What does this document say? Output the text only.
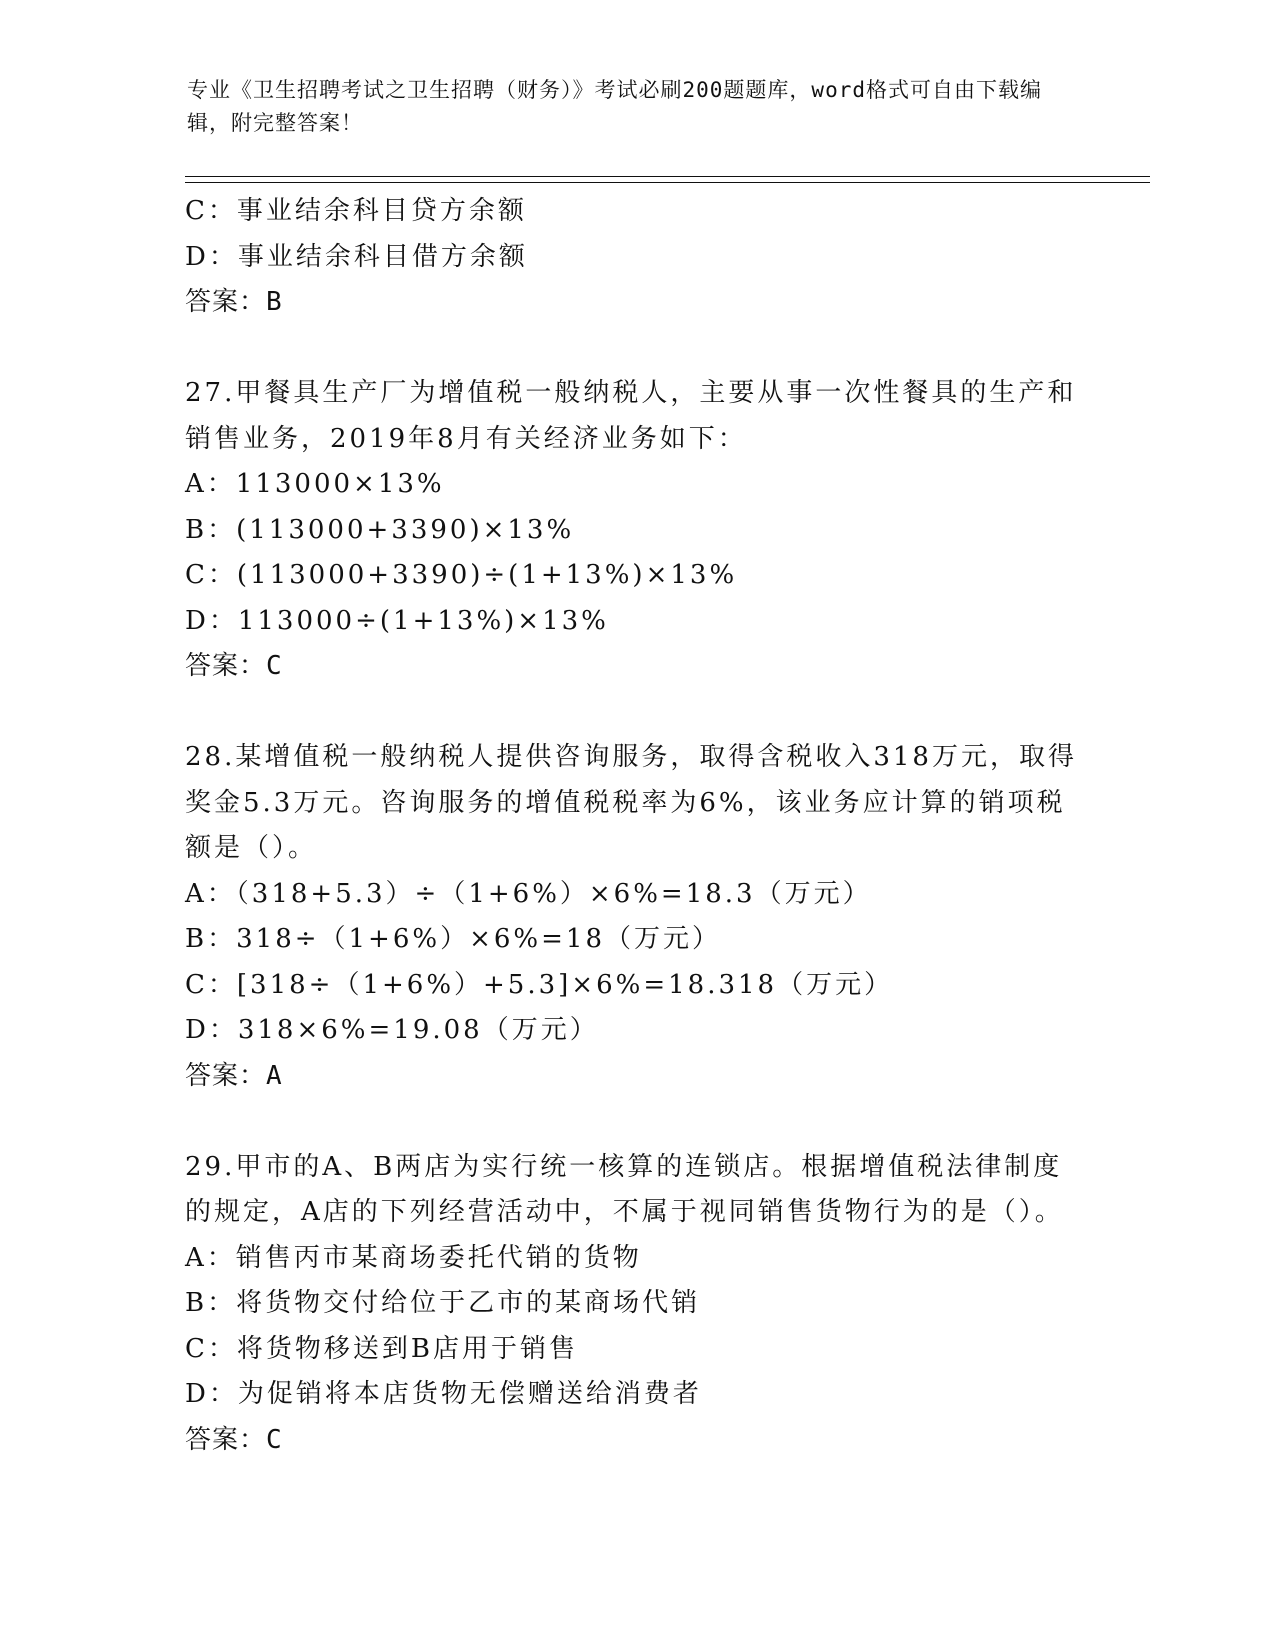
专业《卫生招聘考试之卫生招聘（财务）》考试必刷200题题库，word格式可自由下载编辑，附完整答案！
C：事业结余科目贷方余额
D：事业结余科目借方余额
答案：B
27.甲餐具生产厂为增值税一般纳税人，主要从事一次性餐具的生产和
销售业务，2019年8月有关经济业务如下：
A：113000×13%
B：(113000+3390)×13%
C：(113000+3390)÷(1+13%)×13%
D：113000÷(1+13%)×13%
答案：C
28.某增值税一般纳税人提供咨询服务，取得含税收入318万元，取得
奖金5.3万元。咨询服务的增值税税率为6%，该业务应计算的销项税
额是（）。
A：（318+5.3）÷（1+6%）×6%=18.3（万元）
B：318÷（1+6%）×6%=18（万元）
C：[318÷（1+6%）+5.3]×6%=18.318（万元）
D：318×6%=19.08（万元）
答案：A
29.甲市的A、B两店为实行统一核算的连锁店。根据增值税法律制度
的规定，A店的下列经营活动中，不属于视同销售货物行为的是（）。
A：销售丙市某商场委托代销的货物
B：将货物交付给位于乙市的某商场代销
C：将货物移送到B店用于销售
D：为促销将本店货物无偿赠送给消费者
答案：C
